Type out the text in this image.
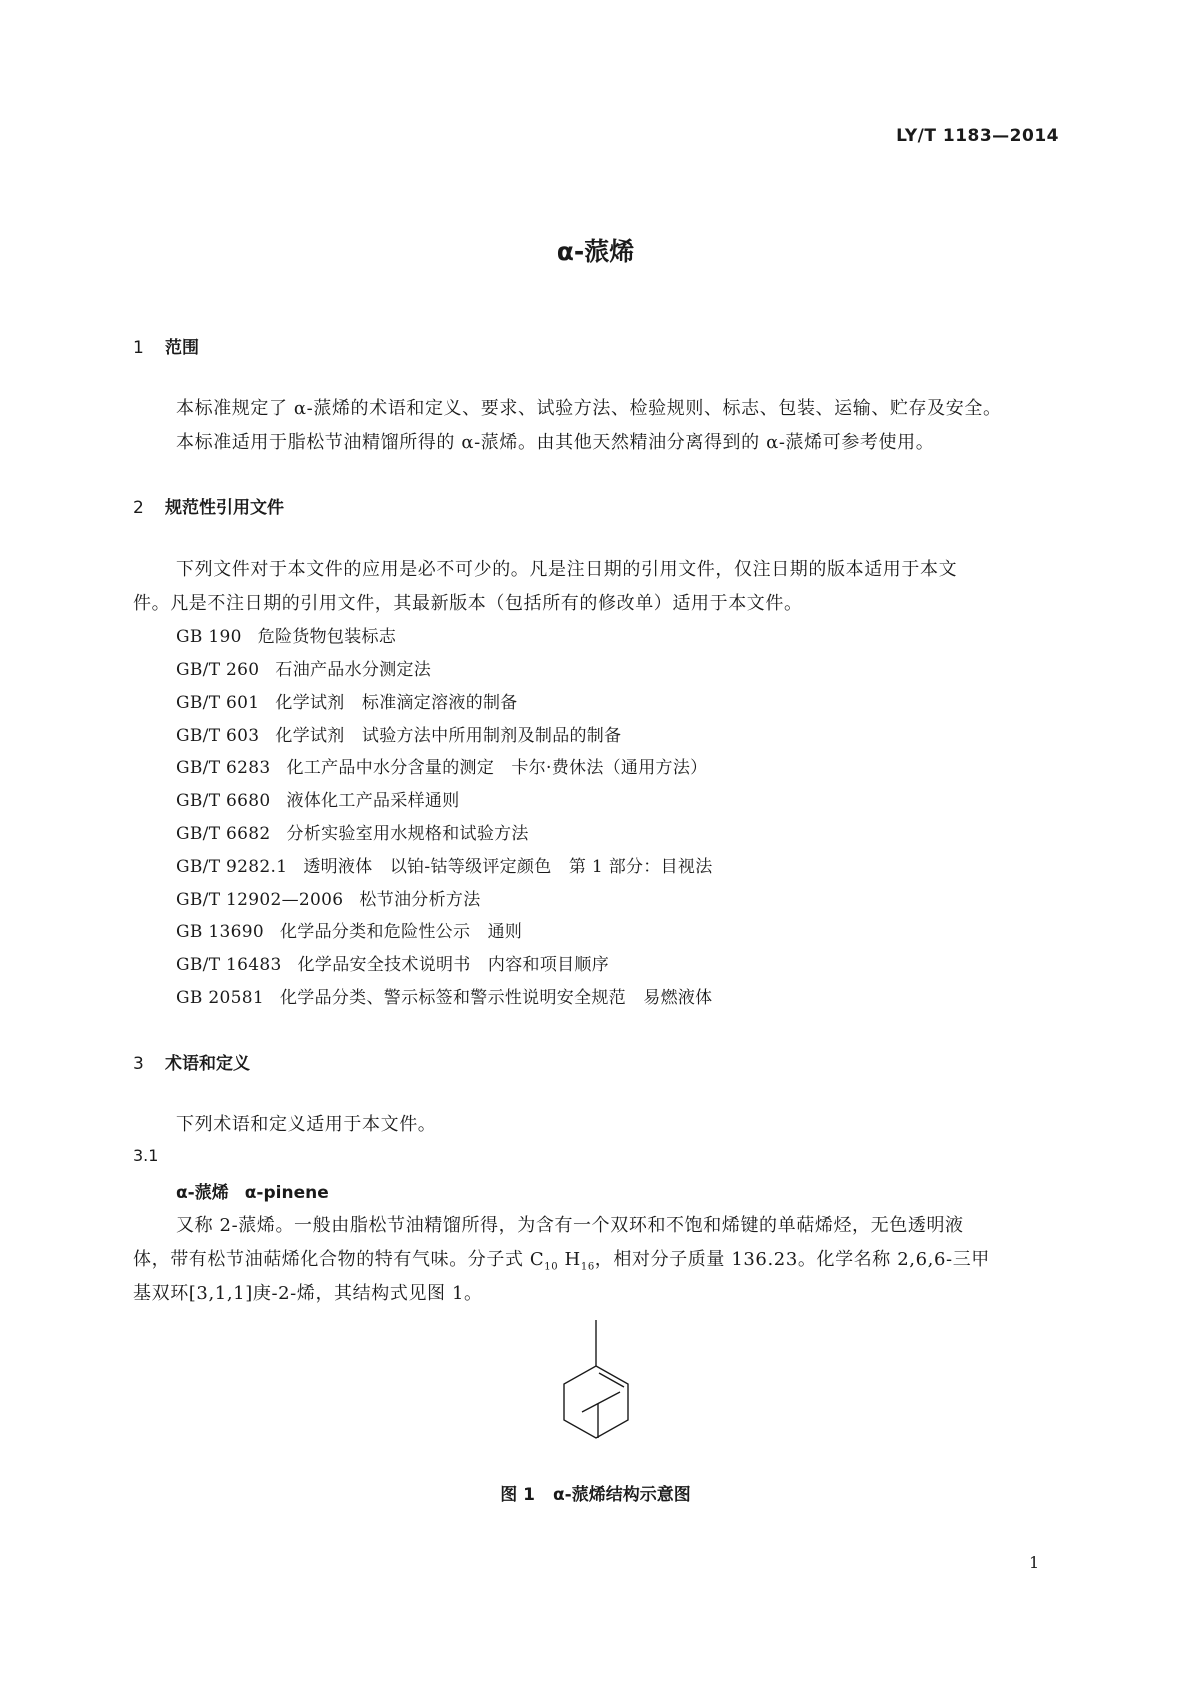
LY/T 1183—2014
α-蒎烯
1 范围
本标准规定了 α-蒎烯的术语和定义、要求、试验方法、检验规则、标志、包装、运输、贮存及安全。
本标准适用于脂松节油精馏所得的 α-蒎烯。由其他天然精油分离得到的 α-蒎烯可参考使用。
2 规范性引用文件
下列文件对于本文件的应用是必不可少的。凡是注日期的引用文件，仅注日期的版本适用于本文
件。凡是不注日期的引用文件，其最新版本（包括所有的修改单）适用于本文件。
GB 190 危险货物包装标志
GB/T 260 石油产品水分测定法
GB/T 601 化学试剂　标准滴定溶液的制备
GB/T 603 化学试剂　试验方法中所用制剂及制品的制备
GB/T 6283 化工产品中水分含量的测定　卡尔·费休法（通用方法）
GB/T 6680 液体化工产品采样通则
GB/T 6682 分析实验室用水规格和试验方法
GB/T 9282.1 透明液体　以铂-钴等级评定颜色　第 1 部分：目视法
GB/T 12902—2006 松节油分析方法
GB 13690 化学品分类和危险性公示　通则
GB/T 16483 化学品安全技术说明书　内容和项目顺序
GB 20581 化学品分类、警示标签和警示性说明安全规范　易燃液体
3 术语和定义
下列术语和定义适用于本文件。
3.1
α-蒎烯 α-pinene
又称 2-蒎烯。一般由脂松节油精馏所得，为含有一个双环和不饱和烯键的单萜烯烃，无色透明液
体，带有松节油萜烯化合物的特有气味。分子式 $C_{10}$ $H_{16}$，相对分子质量 136.23。化学名称 2,6,6-三甲
基双环[3,1,1]庚-2-烯，其结构式见图 1。
图 1 α-蒎烯结构示意图
1
